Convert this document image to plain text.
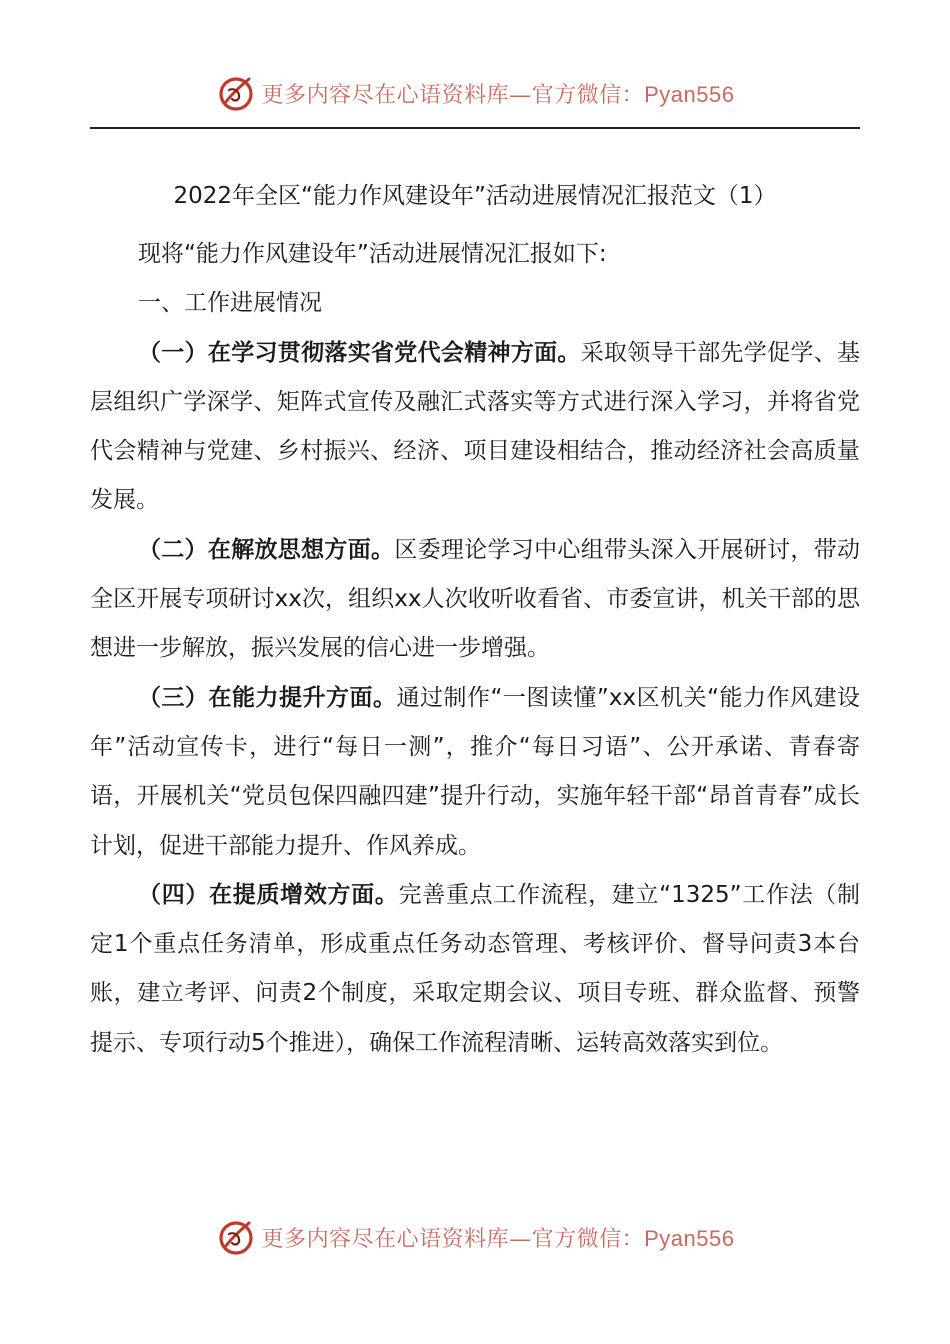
更多内容尽在心语资料库—官方微信：Pyan556
2022年全区“能力作风建设年”活动进展情况汇报范文（1）

现将“能力作风建设年”活动进展情况汇报如下:

一、工作进展情况

（一）在学习贯彻落实省党代会精神方面。采取领导干部先学促学、基层组织广学深学、矩阵式宣传及融汇式落实等方式进行深入学习，并将省党代会精神与党建、乡村振兴、经济、项目建设相结合，推动经济社会高质量发展。

（二）在解放思想方面。区委理论学习中心组带头深入开展研讨，带动全区开展专项研讨xx次，组织xx人次收听收看省、市委宣讲，机关干部的思想进一步解放，振兴发展的信心进一步增强。

（三）在能力提升方面。通过制作“一图读懂”xx区机关“能力作风建设年”活动宣传卡，进行“每日一测”，推介“每日习语”、公开承诺、青春寄语，开展机关“党员包保四融四建”提升行动，实施年轻干部“昂首青春”成长计划，促进干部能力提升、作风养成。

（四）在提质增效方面。完善重点工作流程，建立“1325”工作法（制定1个重点任务清单，形成重点任务动态管理、考核评价、督导问责3本台账，建立考评、问责2个制度，采取定期会议、项目专班、群众监督、预警提示、专项行动5个推进），确保工作流程清晰、运转高效落实到位。

更多内容尽在心语资料库—官方微信：Pyan556
